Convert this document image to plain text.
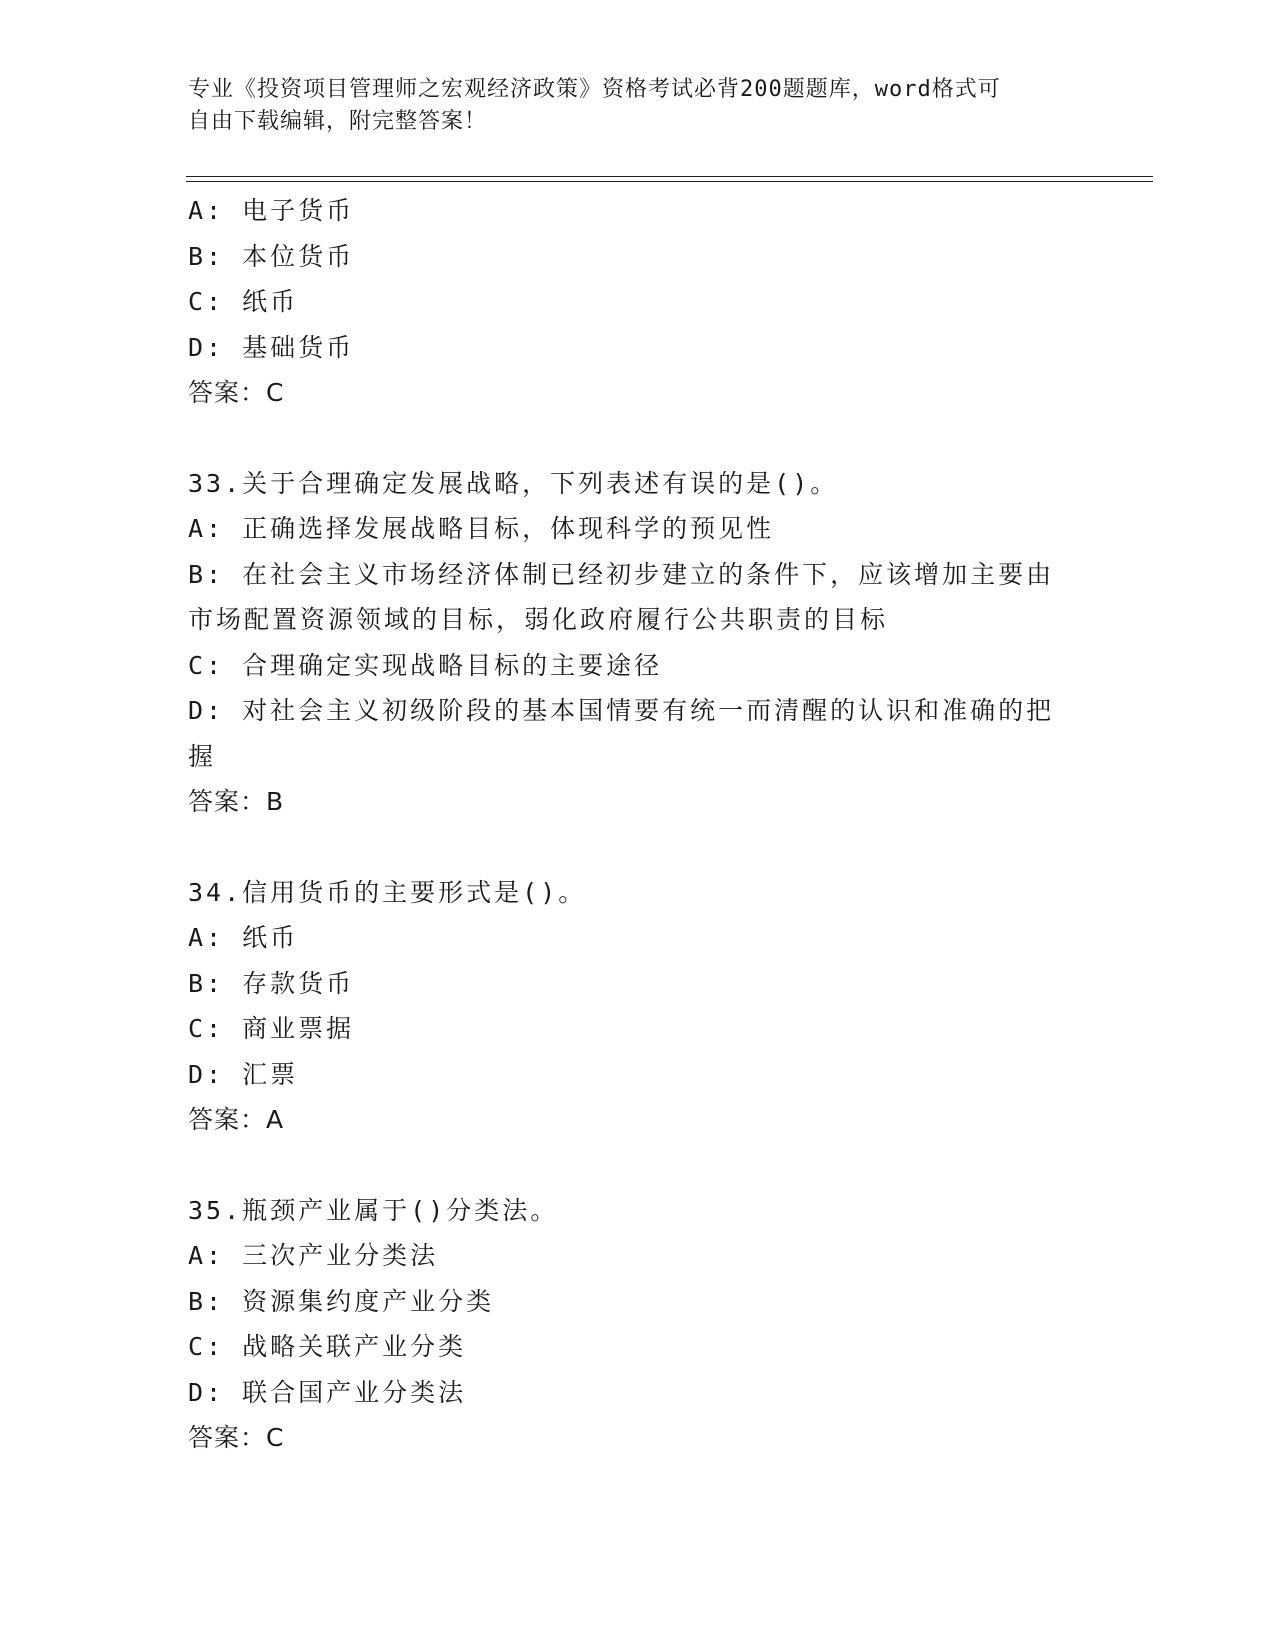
专业《投资项目管理师之宏观经济政策》资格考试必背200题题库，word格式可
自由下载编辑，附完整答案！

A: 电子货币

B: 本位货币

C: 纸币

D: 基础货币

答案：C

33.关于合理确定发展战略，下列表述有误的是()。

A: 正确选择发展战略目标，体现科学的预见性

B: 在社会主义市场经济体制已经初步建立的条件下，应该增加主要由

市场配置资源领域的目标，弱化政府履行公共职责的目标

C: 合理确定实现战略目标的主要途径

D: 对社会主义初级阶段的基本国情要有统一而清醒的认识和准确的把

握

答案：B

34.信用货币的主要形式是()。

A: 纸币

B: 存款货币

C: 商业票据

D: 汇票

答案：A

35.瓶颈产业属于()分类法。

A: 三次产业分类法

B: 资源集约度产业分类

C: 战略关联产业分类

D: 联合国产业分类法

答案：C
